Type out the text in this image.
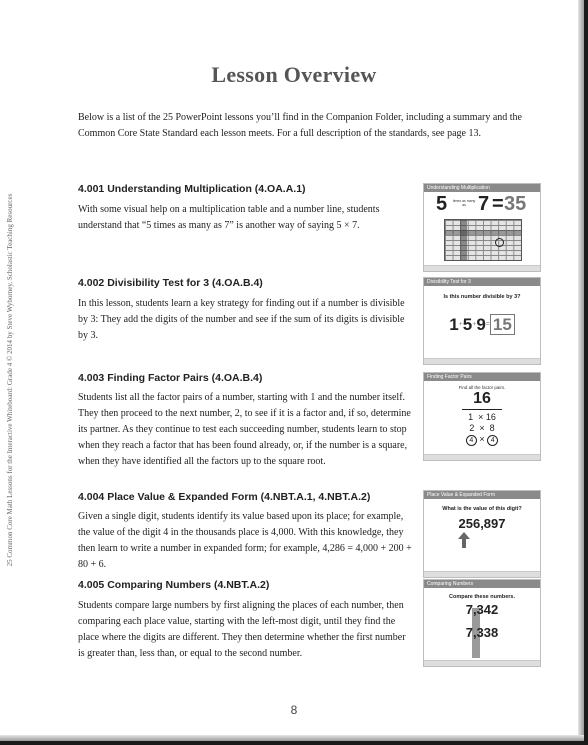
25 Common Core Math Lessons for the Interactive Whiteboard: Grade 4 © 2014 by Steve Wyborney, Scholastic Teaching Resources
Lesson Overview

Below is a list of the 25 PowerPoint lessons you’ll find in the Companion Folder, including a summary and the Common Core State Standard each lesson meets. For a full description of the standards, see page 13.

4.001 Understanding Multiplication (4.OA.A.1)

With some visual help on a multiplication table and a number line, students understand that “5 times as many as 7” is another way of saying 5 × 7.

Understanding Multiplication
5 times as many as 7 = 35

4.002 Divisibility Test for 3 (4.OA.B.4)

In this lesson, students learn a key strategy for finding out if a number is divisible by 3: They add the digits of the number and see if the sum of its digits is divisible by 3.

Divisibility Test for 3
Is this number divisible by 3?
1+5+9= 15

4.003 Finding Factor Pairs (4.OA.B.4)

Students list all the factor pairs of a number, starting with 1 and the number itself. They then proceed to the next number, 2, to see if it is a factor and, if so, determine its partner. As they continue to test each succeeding number, students learn to stop when they reach a factor that has been found already, or, if the number is a square, when they have identified all the factors up to the square root.

Finding Factor Pairs
Find all the factor pairs.
16
1  × 16
2  ×  8
4 × 4

4.004 Place Value & Expanded Form (4.NBT.A.1, 4.NBT.A.2)

Given a single digit, students identify its value based upon its place; for example, the value of the digit 4 in the thousands place is 4,000. With this knowledge, they then learn to write a number in expanded form; for example, 4,286 = 4,000 + 200 + 80 + 6.

Place Value & Expanded Form
What is the value of this digit?
256,897

4.005 Comparing Numbers (4.NBT.A.2)

Students compare large numbers by first aligning the places of each number, then comparing each place value, starting with the left-most digit, until they find the place where the digits are different. They then determine whether the first number is greater than, less than, or equal to the second number.

Comparing Numbers
Compare these numbers.
7,342
7,338

8
